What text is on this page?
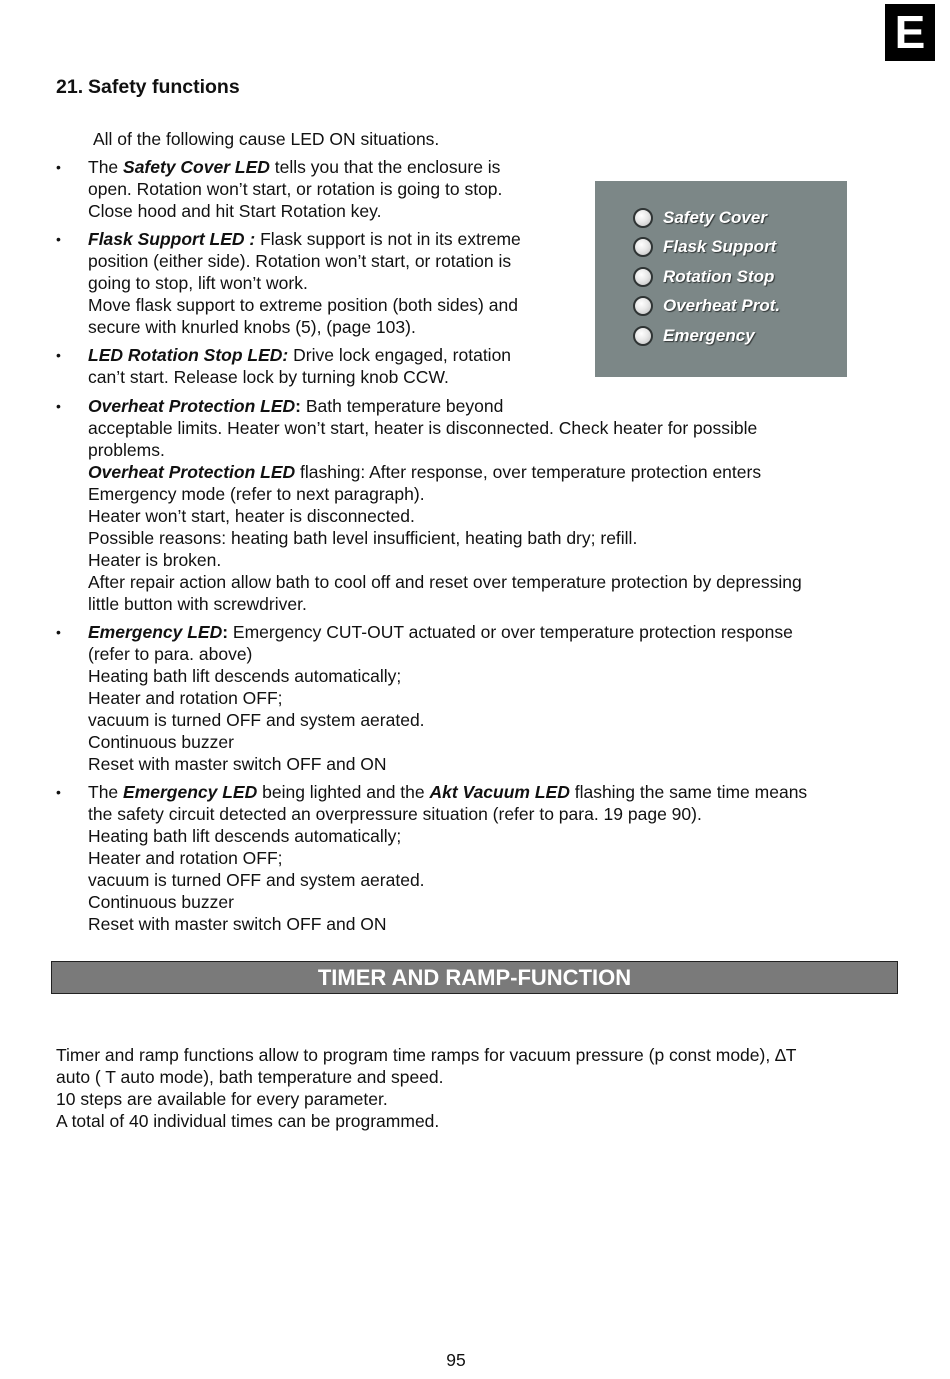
E
21. Safety functions
All of the following cause LED ON situations.
Safety Cover
Flask Support
Rotation Stop
Overheat Prot.
Emergency
•	The Safety Cover LED tells you that the enclosure is
open. Rotation won’t start, or rotation is going to stop.
Close hood and hit Start Rotation key.
•	Flask Support LED : Flask support is not in its extreme
position (either side). Rotation won’t start, or rotation is
going to stop, lift won’t work.
Move flask support to extreme position (both sides) and
secure with knurled knobs (5), (page 103).
•	LED Rotation Stop LED: Drive lock engaged, rotation
can’t start. Release lock by turning knob CCW.
•	Overheat Protection LED: Bath temperature beyond
acceptable limits. Heater won’t start, heater is disconnected. Check heater for possible
problems.
Overheat Protection LED flashing: After response, over temperature protection enters
Emergency mode (refer to next paragraph).
Heater won’t start, heater is disconnected.
Possible reasons: heating bath level insufficient, heating bath dry; refill.
Heater is broken.
After repair action allow bath to cool off and reset over temperature protection by depressing
little button with screwdriver.
•	Emergency LED: Emergency CUT-OUT actuated or over temperature protection response
(refer to para. above)
Heating bath lift descends automatically;
Heater and rotation OFF;
vacuum is turned OFF and system aerated.
Continuous buzzer
Reset with master switch OFF and ON
•	The Emergency LED being lighted and the Akt Vacuum LED flashing the same time means
the safety circuit detected an overpressure situation (refer to para. 19 page 90).
Heating bath lift descends automatically;
Heater and rotation OFF;
vacuum is turned OFF and system aerated.
Continuous buzzer
Reset with master switch OFF and ON
TIMER AND RAMP-FUNCTION
Timer and ramp functions allow to program time ramps for vacuum pressure (p const mode), ∆T
auto ( T auto mode), bath temperature and speed.
10 steps are available for every parameter.
A total of 40 individual times can be programmed.
95
